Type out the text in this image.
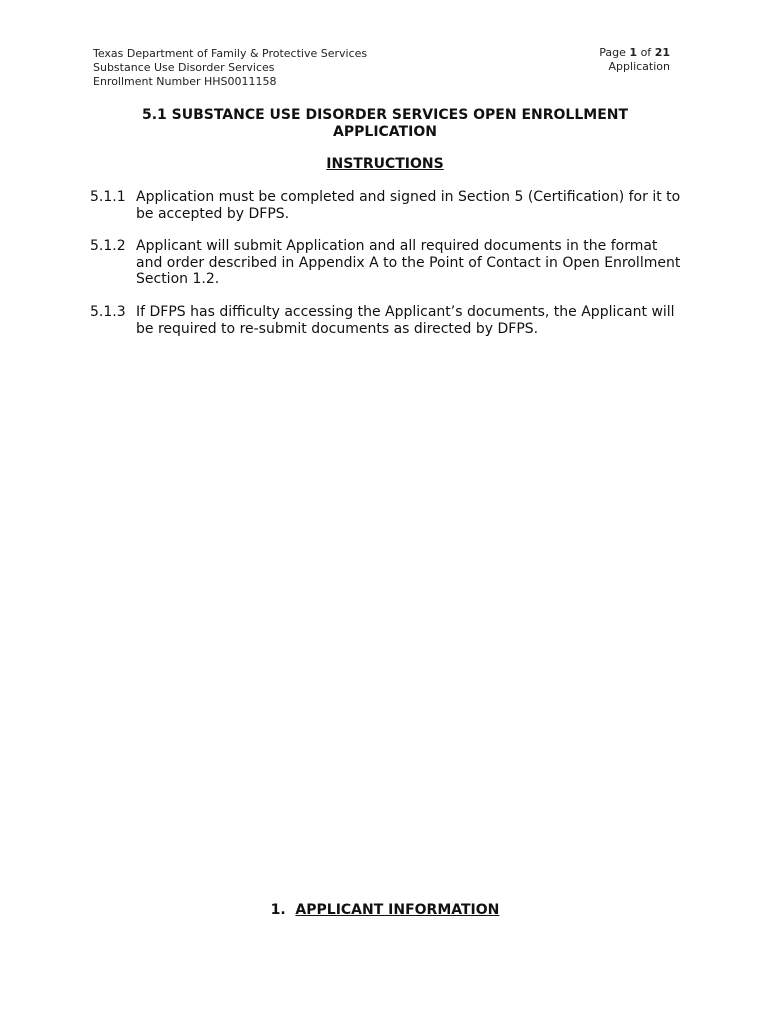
Texas Department of Family & Protective Services
Substance Use Disorder Services
Enrollment Number HHS0011158
Page 1 of 21
Application
5.1 SUBSTANCE USE DISORDER SERVICES OPEN ENROLLMENT
APPLICATION
INSTRUCTIONS
5.1.1 Application must be completed and signed in Section 5 (Certification) for it to be accepted by DFPS.
5.1.2 Applicant will submit Application and all required documents in the format and order described in Appendix A to the Point of Contact in Open Enrollment Section 1.2.
5.1.3 If DFPS has difficulty accessing the Applicant’s documents, the Applicant will be required to re-submit documents as directed by DFPS.
1. APPLICANT INFORMATION
